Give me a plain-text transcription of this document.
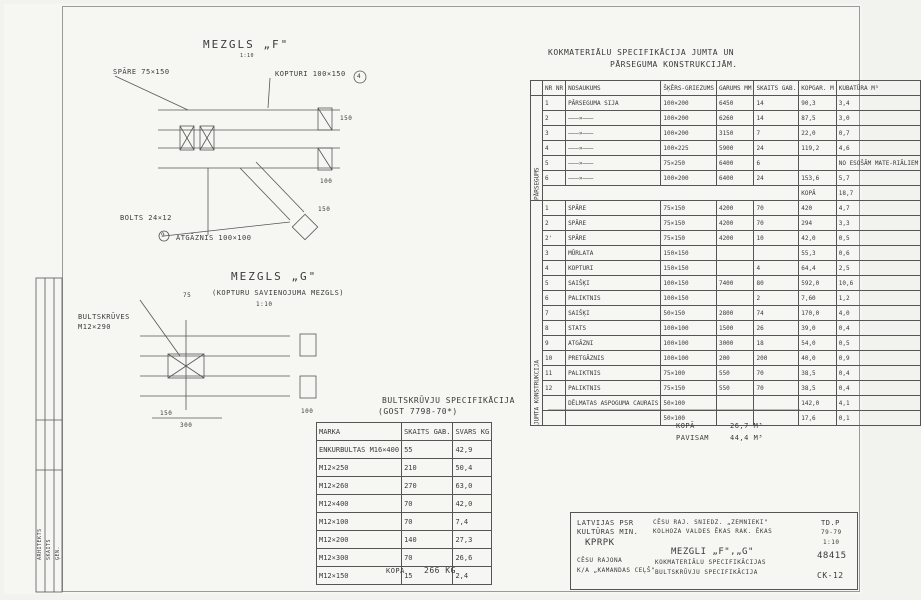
MEZGLS „F"
1:10
SPĀRE 75×150	KOPTURI 100×150 4
BOLTS 24×12
ATGĀZNIS 100×100
9
150
100
150
MEZGLS „G"
(KOPTURU SAVIENOJUMA MEZGLS)
1:10
BULTSKRŪVES
M12×290
75
150
300
100
BULTSKRŪVJU SPECIFIKĀCIJA
(GOST 7798-70*)
MARKA	SKAITS GAB.	SVARS KG
ENKURBULTAS M16×400	55	42,9
M12×250	210	50,4
M12×260	270	63,0
M12×400	70	42,0
M12×100	70	7,4
M12×200	140	27,3
M12×300	70	26,6
M12×150	15	2,4
KOPĀ 266 KG
KOKMATERIĀLU SPECIFIKĀCIJA JUMTA UN
PĀRSEGUMA KONSTRUKCIJĀM.
	NR NR	NOSAUKUMS	ŠĶĒRS-GRIEZUMS	GARUMS MM	SKAITS GAB.	KOPGAR. M	KUBATŪRA M³
PĀRSEGUMS	1	PĀRSEGUMA SIJA	100×200	6450	14	90,3	3,4
	2	———»———	100×200	6260	14	87,5	3,0
	3	———»———	100×200	3150	7	22,0	0,7
	4	———»———	100×225	5900	24	119,2	4,6
	5	———»———	75×250	6400	6		NO ESOŠĀM MATE-RIĀLIEM
	6	———»———	100×200	6400	24	153,6	5,7
						KOPĀ	18,7
JUMTA KONSTRUKCIJA	1	SPĀRE	75×150	4200	70	420	4,7
	2	SPĀRE	75×150	4200	70	294	3,3
	2'	SPĀRE	75×150	4200	10	42,0	0,5
	3	MŪRLATA	150×150			55,3	0,6
	4	KOPTURI	150×150		4	64,4	2,5
	5	SAIŠĶI	100×150	7400	80	592,0	10,6
	6	PALIKTNIS	100×150		2	7,60	1,2
	7	SAIŠĶI	50×150	2800	74	170,0	4,0
	8	STATS	100×100	1500	26	39,0	0,4
	9	ATGĀZNI	100×100	3000	18	54,0	0,5
	10	PRETGĀZNIS	100×100	200	200	40,0	0,9
	11	PALIKTNIS	75×100	550	70	38,5	0,4
	12	PALIKTNIS	75×150	550	70	38,5	0,4
		DĒLMATAS ASPOGUMA CAURAIS	50×100			142,0	4,1
			50×100			17,6	0,1
KOPĀ	26,7 M³
PAVISAM	44,4 M³
LATVIJAS PSR
KULTŪRAS MIN.
KPRPK
CĒSU RAJ. SNIEDZ. „ZEMNIEKI"
KOLHOZA VALDES ĒKAS RAK. ĒKAS
MEZGLI „F",„G"
KOKMATERIĀLU SPECIFIKĀCIJAS
BULTSKRŪVJU SPECIFIKĀCIJA
CĒSU RAJONA
K/A „KAMANDAS CEĻŠ"
TD.P
79-79
1:10
48415
CK-12
ARHITEKTS SKAITS ĢEN.
